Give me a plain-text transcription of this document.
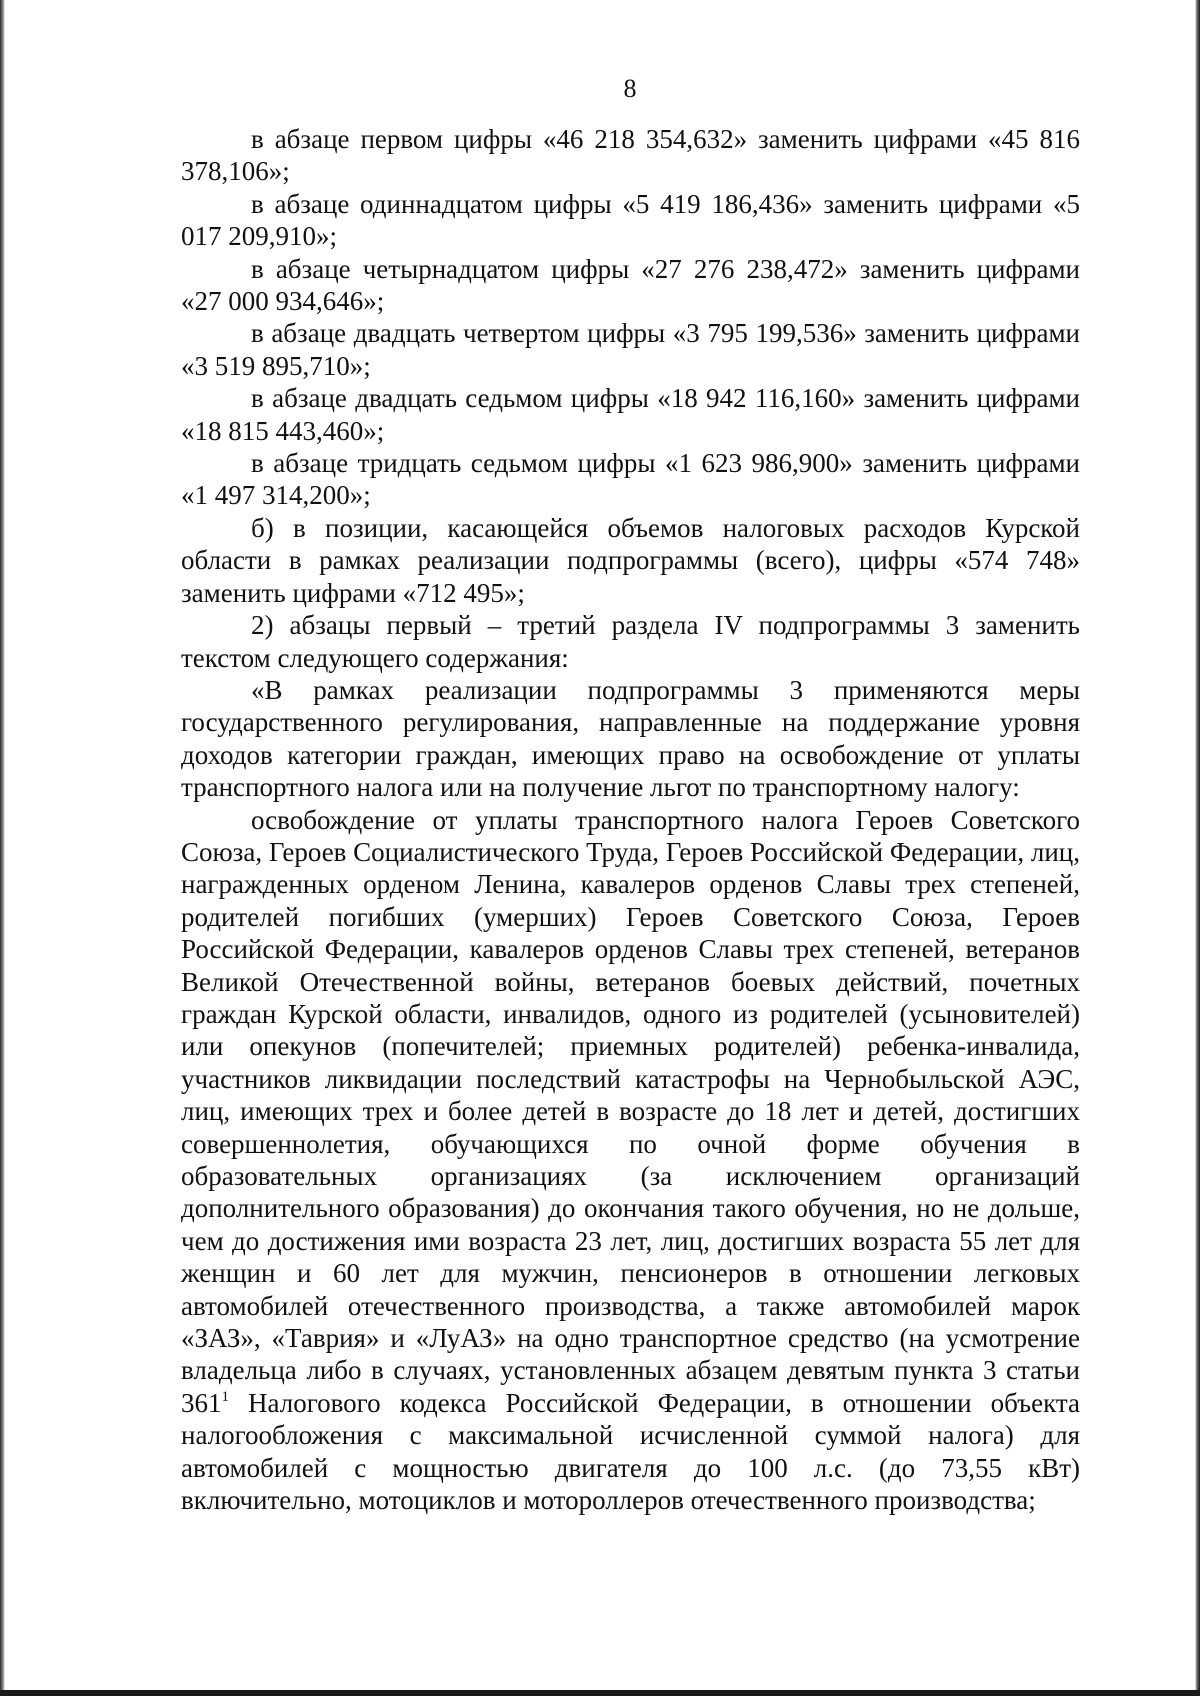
8

в абзаце первом цифры «46 218 354,632» заменить цифрами «45 816 378,106»;

в абзаце одиннадцатом цифры «5 419 186,436» заменить цифрами «5 017 209,910»;

в абзаце четырнадцатом цифры «27 276 238,472» заменить цифрами «27 000 934,646»;

в абзаце двадцать четвертом цифры «3 795 199,536» заменить цифрами «3 519 895,710»;

в абзаце двадцать седьмом цифры «18 942 116,160» заменить цифрами «18 815 443,460»;

в абзаце тридцать седьмом цифры «1 623 986,900» заменить цифрами «1 497 314,200»;

б) в позиции, касающейся объемов налоговых расходов Курской области в рамках реализации подпрограммы (всего), цифры «574 748» заменить цифрами «712 495»;

2) абзацы первый – третий раздела IV подпрограммы 3 заменить текстом следующего содержания:

«В рамках реализации подпрограммы 3 применяются меры государственного регулирования, направленные на поддержание уровня доходов категории граждан, имеющих право на освобождение от уплаты транспортного налога или на получение льгот по транспортному налогу:

освобождение от уплаты транспортного налога Героев Советского Союза, Героев Социалистического Труда, Героев Российской Федерации, лиц, награжденных орденом Ленина, кавалеров орденов Славы трех степеней, родителей погибших (умерших) Героев Советского Союза, Героев Российской Федерации, кавалеров орденов Славы трех степеней, ветеранов Великой Отечественной войны, ветеранов боевых действий, почетных граждан Курской области, инвалидов, одного из родителей (усыновителей) или опекунов (попечителей; приемных родителей) ребенка-инвалида, участников ликвидации последствий катастрофы на Чернобыльской АЭС, лиц, имеющих трех и более детей в возрасте до 18 лет и детей, достигших совершеннолетия, обучающихся по очной форме обучения в образовательных организациях (за исключением организаций дополнительного образования) до окончания такого обучения, но не дольше, чем до достижения ими возраста 23 лет, лиц, достигших возраста 55 лет для женщин и 60 лет для мужчин, пенсионеров в отношении легковых автомобилей отечественного производства, а также автомобилей марок «ЗАЗ», «Таврия» и «ЛуАЗ» на одно транспортное средство (на усмотрение владельца либо в случаях, установленных абзацем девятым пункта 3 статьи $361^1$ Налогового кодекса Российской Федерации, в отношении объекта налогообложения с максимальной исчисленной суммой налога) для автомобилей с мощностью двигателя до 100 л.с. (до 73,55 кВт) включительно, мотоциклов и мотороллеров отечественного производства;
